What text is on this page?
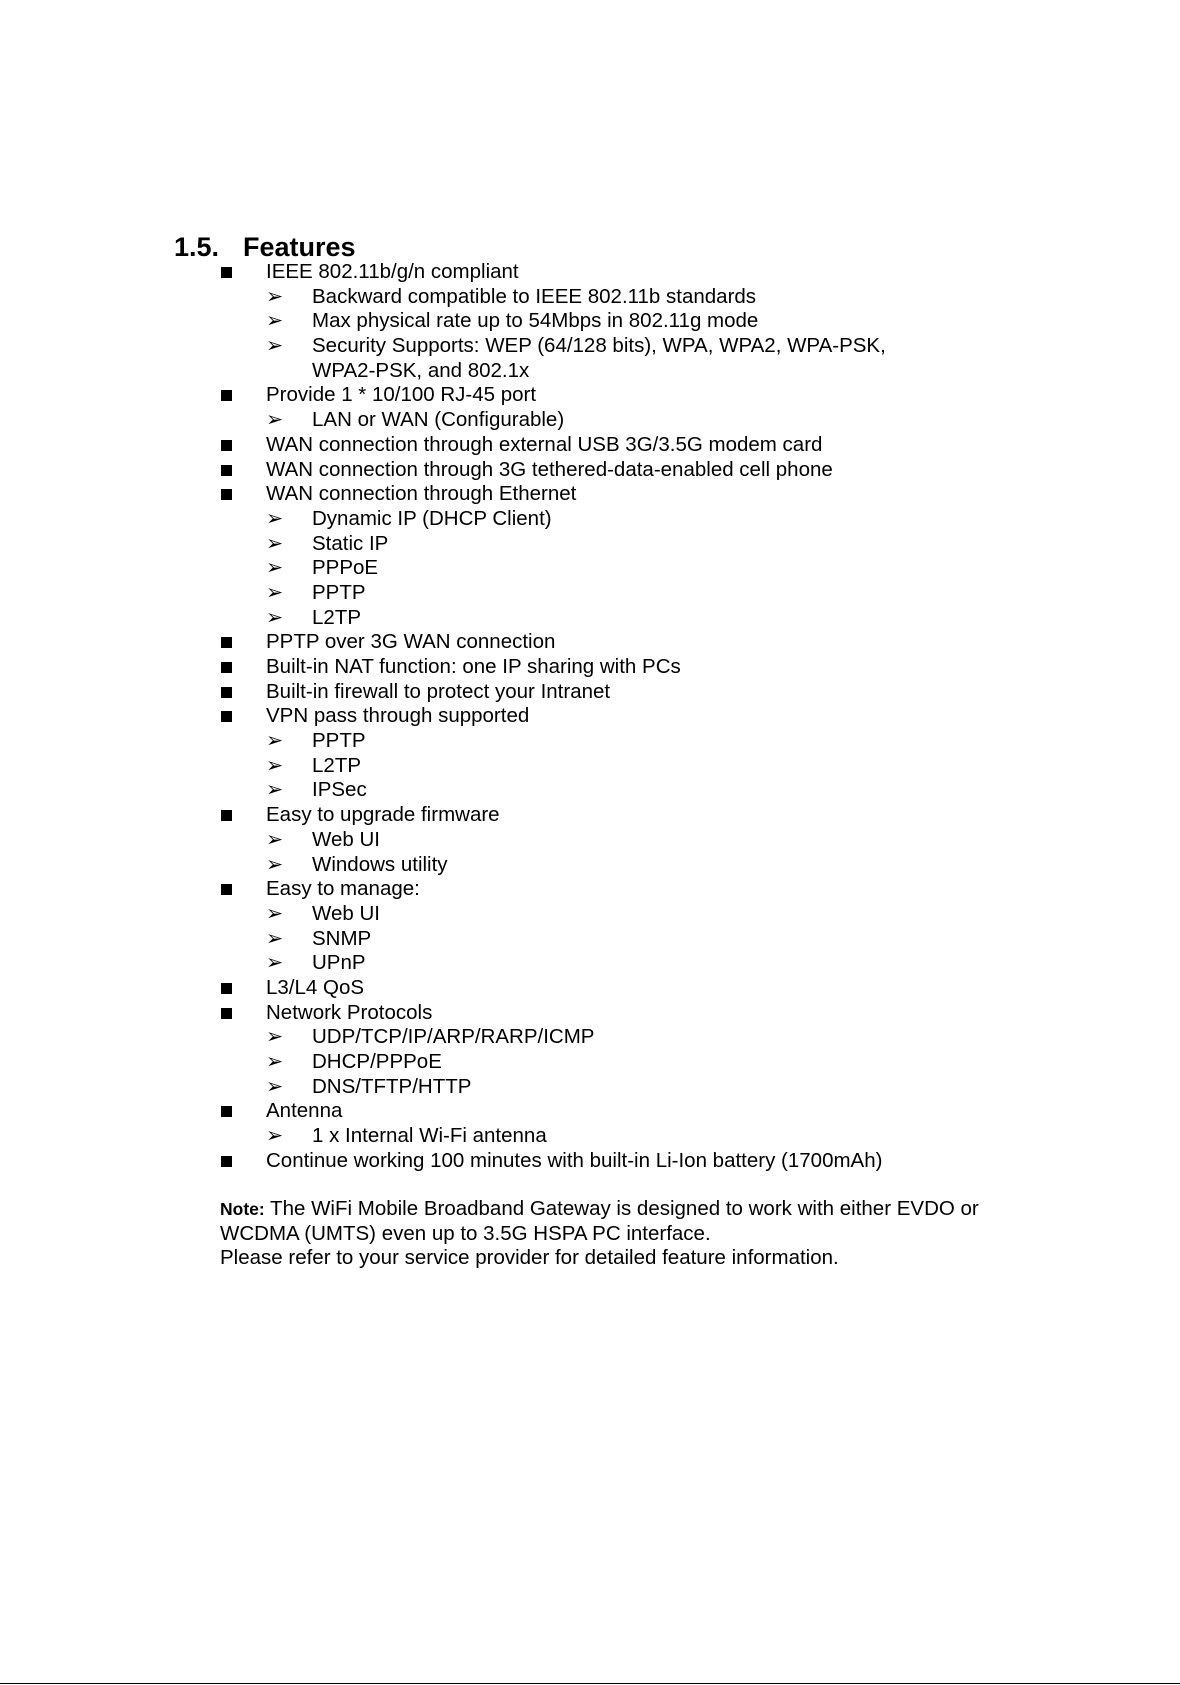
1.5. Features
IEEE 802.11b/g/n compliant
➢ Backward compatible to IEEE 802.11b standards
➢ Max physical rate up to 54Mbps in 802.11g mode
➢ Security Supports: WEP (64/128 bits), WPA, WPA2, WPA-PSK,
WPA2-PSK, and 802.1x
Provide 1 * 10/100 RJ-45 port
➢ LAN or WAN (Configurable)
WAN connection through external USB 3G/3.5G modem card
WAN connection through 3G tethered-data-enabled cell phone
WAN connection through Ethernet
➢ Dynamic IP (DHCP Client)
➢ Static IP
➢ PPPoE
➢ PPTP
➢ L2TP
PPTP over 3G WAN connection
Built-in NAT function: one IP sharing with PCs
Built-in firewall to protect your Intranet
VPN pass through supported
➢ PPTP
➢ L2TP
➢ IPSec
Easy to upgrade firmware
➢ Web UI
➢ Windows utility
Easy to manage:
➢ Web UI
➢ SNMP
➢ UPnP
L3/L4 QoS
Network Protocols
➢ UDP/TCP/IP/ARP/RARP/ICMP
➢ DHCP/PPPoE
➢ DNS/TFTP/HTTP
Antenna
➢ 1 x Internal Wi-Fi antenna
Continue working 100 minutes with built-in Li-Ion battery (1700mAh)
Note: The WiFi Mobile Broadband Gateway is designed to work with either EVDO or
WCDMA (UMTS) even up to 3.5G HSPA PC interface.
Please refer to your service provider for detailed feature information.
